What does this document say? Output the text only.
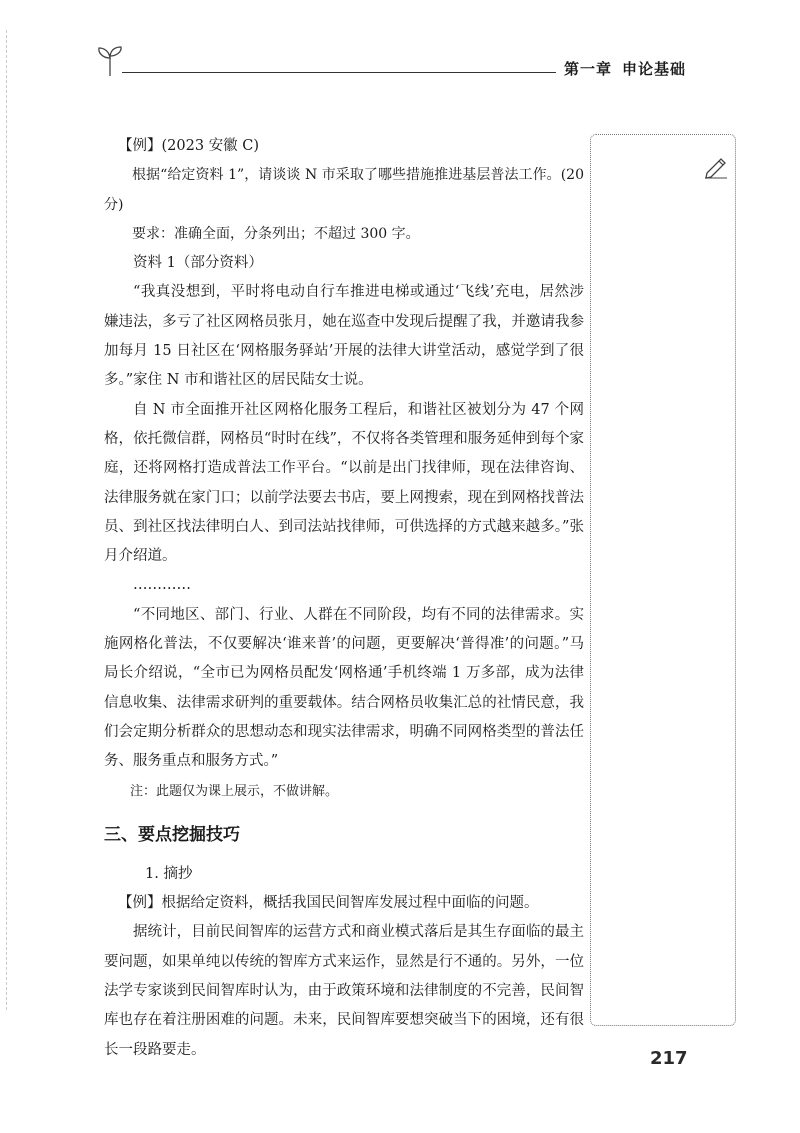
第一章 申论基础

【例】(2023 安徽 C)

根据“给定资料 1”，请谈谈 N 市采取了哪些措施推进基层普法工作。(20 分)

要求：准确全面，分条列出；不超过 300 字。

资料 1（部分资料）

“我真没想到，平时将电动自行车推进电梯或通过‘飞线’充电，居然涉嫌违法，多亏了社区网格员张月，她在巡查中发现后提醒了我，并邀请我参加每月 15 日社区在‘网格服务驿站’开展的法律大讲堂活动，感觉学到了很多。”家住 N 市和谐社区的居民陆女士说。

自 N 市全面推开社区网格化服务工程后，和谐社区被划分为 47 个网格，依托微信群，网格员“时时在线”，不仅将各类管理和服务延伸到每个家庭，还将网格打造成普法工作平台。“以前是出门找律师，现在法律咨询、法律服务就在家门口；以前学法要去书店，要上网搜索，现在到网格找普法员、到社区找法律明白人、到司法站找律师，可供选择的方式越来越多。”张月介绍道。

…………

“不同地区、部门、行业、人群在不同阶段，均有不同的法律需求。实施网格化普法，不仅要解决‘谁来普’的问题，更要解决‘普得准’的问题。”马局长介绍说，“全市已为网格员配发‘网格通’手机终端 1 万多部，成为法律信息收集、法律需求研判的重要载体。结合网格员收集汇总的社情民意，我们会定期分析群众的思想动态和现实法律需求，明确不同网格类型的普法任务、服务重点和服务方式。”

注：此题仅为课上展示，不做讲解。

三、要点挖掘技巧

1. 摘抄

【例】根据给定资料，概括我国民间智库发展过程中面临的问题。

据统计，目前民间智库的运营方式和商业模式落后是其生存面临的最主要问题，如果单纯以传统的智库方式来运作，显然是行不通的。另外，一位法学专家谈到民间智库时认为，由于政策环境和法律制度的不完善，民间智库也存在着注册困难的问题。未来，民间智库要想突破当下的困境，还有很长一段路要走。	217
